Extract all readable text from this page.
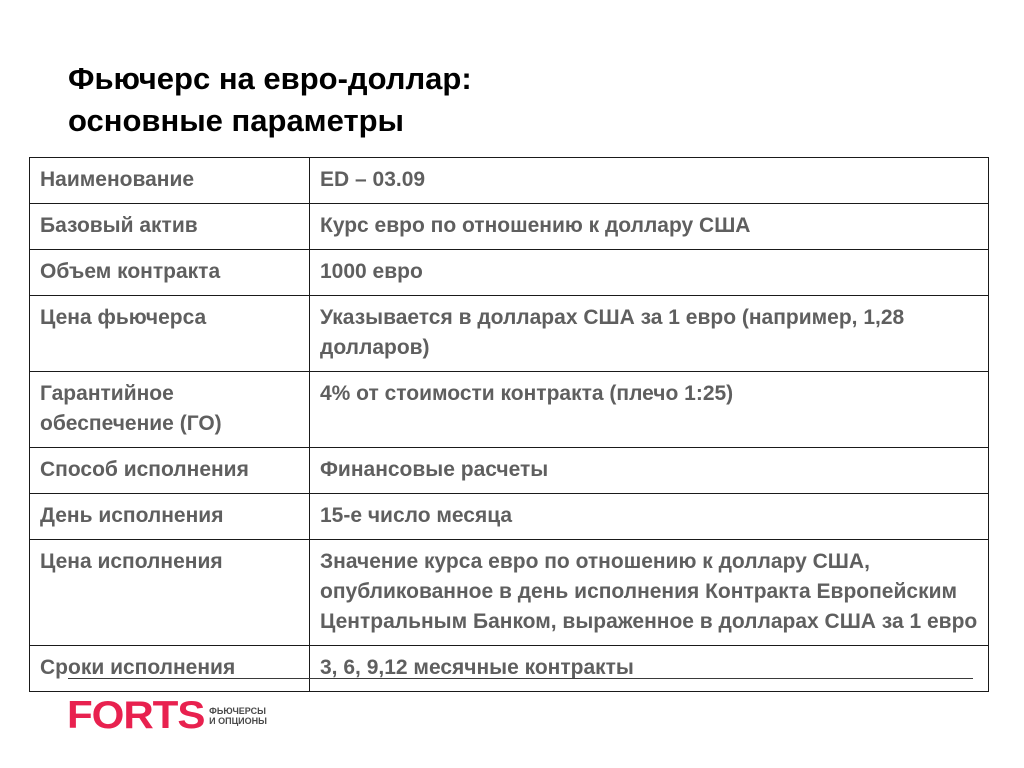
Фьючерс на евро-доллар:
основные параметры
Наименование	ED – 03.09
Базовый актив	Курс евро по отношению к доллару США
Объем контракта	1000 евро
Цена фьючерса	Указывается в долларах США за 1 евро (например, 1,28 долларов)
Гарантийное обеспечение (ГО)	4% от стоимости контракта (плечо 1:25)
Способ исполнения	Финансовые расчеты
День исполнения	15-е число месяца
Цена исполнения	Значение курса евро по отношению к доллару США, опубликованное в день исполнения Контракта Европейским Центральным Банком, выраженное в долларах США за 1 евро
Сроки исполнения	3, 6, 9,12 месячные контракты
FORTS ФЬЮЧЕРСЫ
И ОПЦИОНЫ
